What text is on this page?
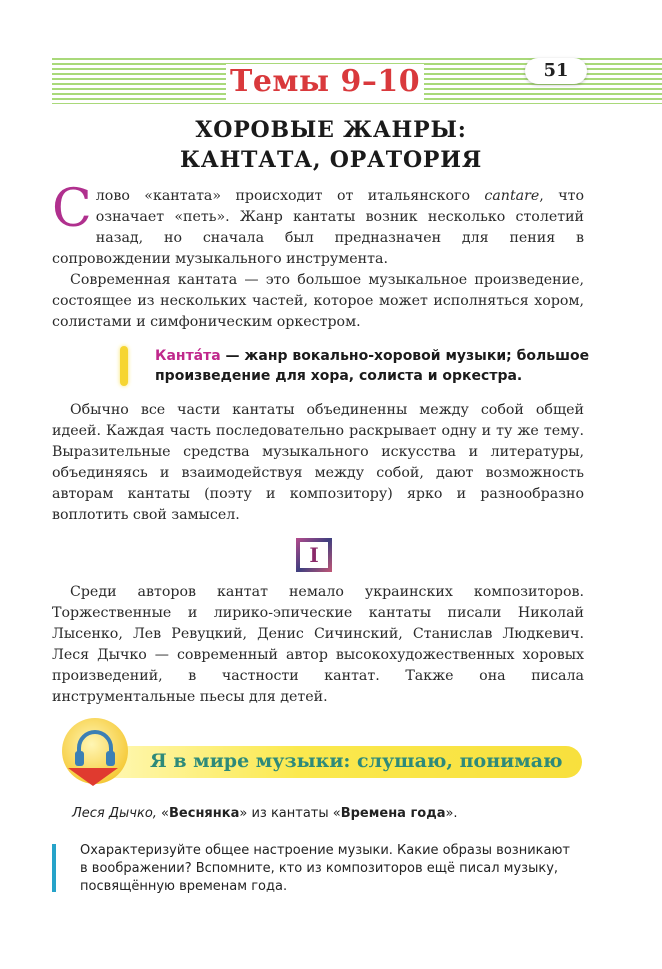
51
Темы 9–10
ХОРОВЫЕ ЖАНРЫ:
КАНТАТА, ОРАТОРИЯ
Слово «кантата» происходит от итальянского cantare, что означает «петь». Жанр кантаты возник несколько столетий назад, но сначала был предназначен для пения в сопровождении музыкального инструмента.
Современная кантата — это большое музыкальное произведение, состоящее из нескольких частей, которое может исполняться хором, солистами и симфоническим оркестром.
Канта́та — жанр вокально-хоровой музыки; большое произведение для хора, солиста и оркестра.
Обычно все части кантаты объединенны между собой общей идеей. Каждая часть последовательно раскрывает одну и ту же тему. Выразительные средства музыкального искусства и литературы, объединяясь и взаимодействуя между собой, дают возможность авторам кантаты (поэту и композитору) ярко и разнообразно воплотить свой замысел.
I
Среди авторов кантат немало украинских композиторов. Торжественные и лирико-эпические кантаты писали Николай Лысенко, Лев Ревуцкий, Денис Сичинский, Станислав Людкевич. Леся Дычко — современный автор высокохудожественных хоровых произведений, в частности кантат. Также она писала инструментальные пьесы для детей.
Я в мире музыки: слушаю, понимаю
Леся Дычко, «Веснянка» из кантаты «Времена года».
Охарактеризуйте общее настроение музыки. Какие образы возникают в воображении? Вспомните, кто из композиторов ещё писал музыку, посвящённую временам года.
